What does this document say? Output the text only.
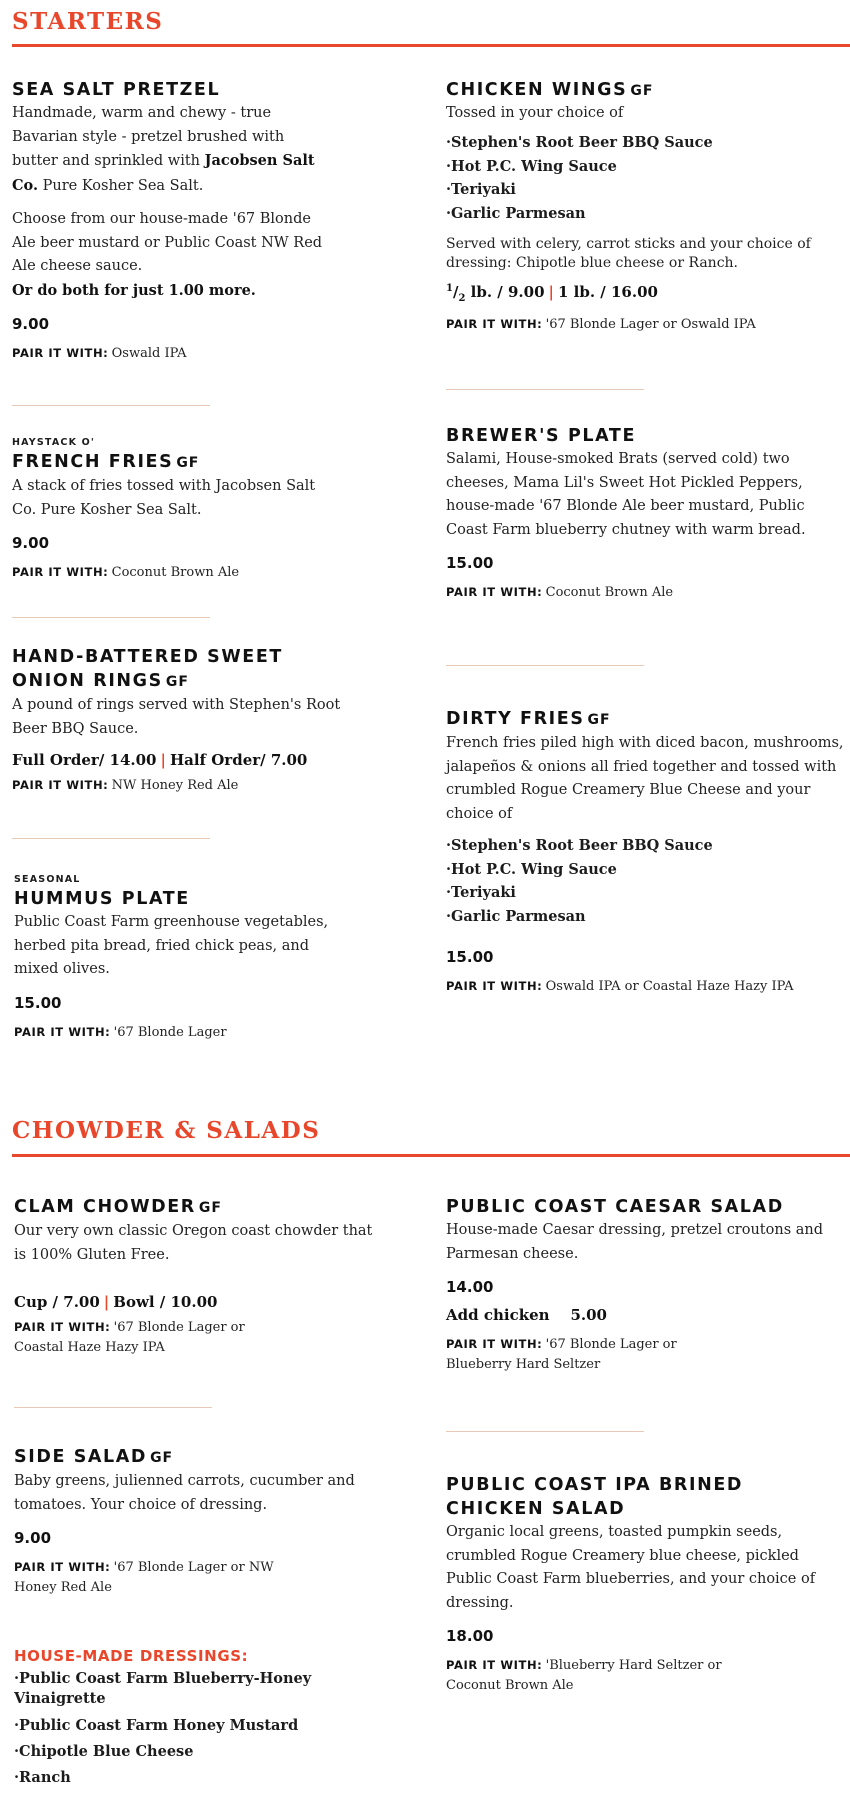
STARTERS
SEA SALT PRETZEL
Handmade, warm and chewy - true Bavarian style - pretzel brushed with butter and sprinkled with Jacobsen Salt Co. Pure Kosher Sea Salt.
Choose from our house-made '67 Blonde Ale beer mustard or Public Coast NW Red Ale cheese sauce.
Or do both for just 1.00 more.
9.00
PAIR IT WITH: Oswald IPA
HAYSTACK O'
FRENCH FRIES GF
A stack of fries tossed with Jacobsen Salt Co. Pure Kosher Sea Salt.
9.00
PAIR IT WITH: Coconut Brown Ale
HAND-BATTERED SWEET
ONION RINGS GF
A pound of rings served with Stephen's Root Beer BBQ Sauce.
Full Order/ 14.00 | Half Order/ 7.00
PAIR IT WITH: NW Honey Red Ale
SEASONAL
HUMMUS PLATE
Public Coast Farm greenhouse vegetables, herbed pita bread, fried chick peas, and mixed olives.
15.00
PAIR IT WITH: '67 Blonde Lager
CHICKEN WINGS GF
Tossed in your choice of
·Stephen's Root Beer BBQ Sauce
·Hot P.C. Wing Sauce
·Teriyaki
·Garlic Parmesan
Served with celery, carrot sticks and your choice of dressing: Chipotle blue cheese or Ranch.
$^1/_2$ lb. / 9.00 | 1 lb. / 16.00
PAIR IT WITH: '67 Blonde Lager or Oswald IPA
BREWER'S PLATE
Salami, House-smoked Brats (served cold) two cheeses, Mama Lil's Sweet Hot Pickled Peppers, house-made '67 Blonde Ale beer mustard, Public Coast Farm blueberry chutney with warm bread.
15.00
PAIR IT WITH: Coconut Brown Ale
DIRTY FRIES GF
French fries piled high with diced bacon, mushrooms, jalapeños & onions all fried together and tossed with crumbled Rogue Creamery Blue Cheese and your choice of
·Stephen's Root Beer BBQ Sauce
·Hot P.C. Wing Sauce
·Teriyaki
·Garlic Parmesan
15.00
PAIR IT WITH: Oswald IPA or Coastal Haze Hazy IPA
CHOWDER & SALADS
CLAM CHOWDER GF
Our very own classic Oregon coast chowder that is 100% Gluten Free.
Cup / 7.00 | Bowl / 10.00
PAIR IT WITH: '67 Blonde Lager or Coastal Haze Hazy IPA
SIDE SALAD GF
Baby greens, julienned carrots, cucumber and tomatoes. Your choice of dressing.
9.00
PAIR IT WITH: '67 Blonde Lager or NW Honey Red Ale
HOUSE-MADE DRESSINGS:
·Public Coast Farm Blueberry-Honey Vinaigrette
·Public Coast Farm Honey Mustard
·Chipotle Blue Cheese
·Ranch
PUBLIC COAST CAESAR SALAD
House-made Caesar dressing, pretzel croutons and Parmesan cheese.
14.00
Add chicken    5.00
PAIR IT WITH: '67 Blonde Lager or Blueberry Hard Seltzer
PUBLIC COAST IPA BRINED
CHICKEN SALAD
Organic local greens, toasted pumpkin seeds, crumbled Rogue Creamery blue cheese, pickled Public Coast Farm blueberries, and your choice of dressing.
18.00
PAIR IT WITH: 'Blueberry Hard Seltzer or Coconut Brown Ale
